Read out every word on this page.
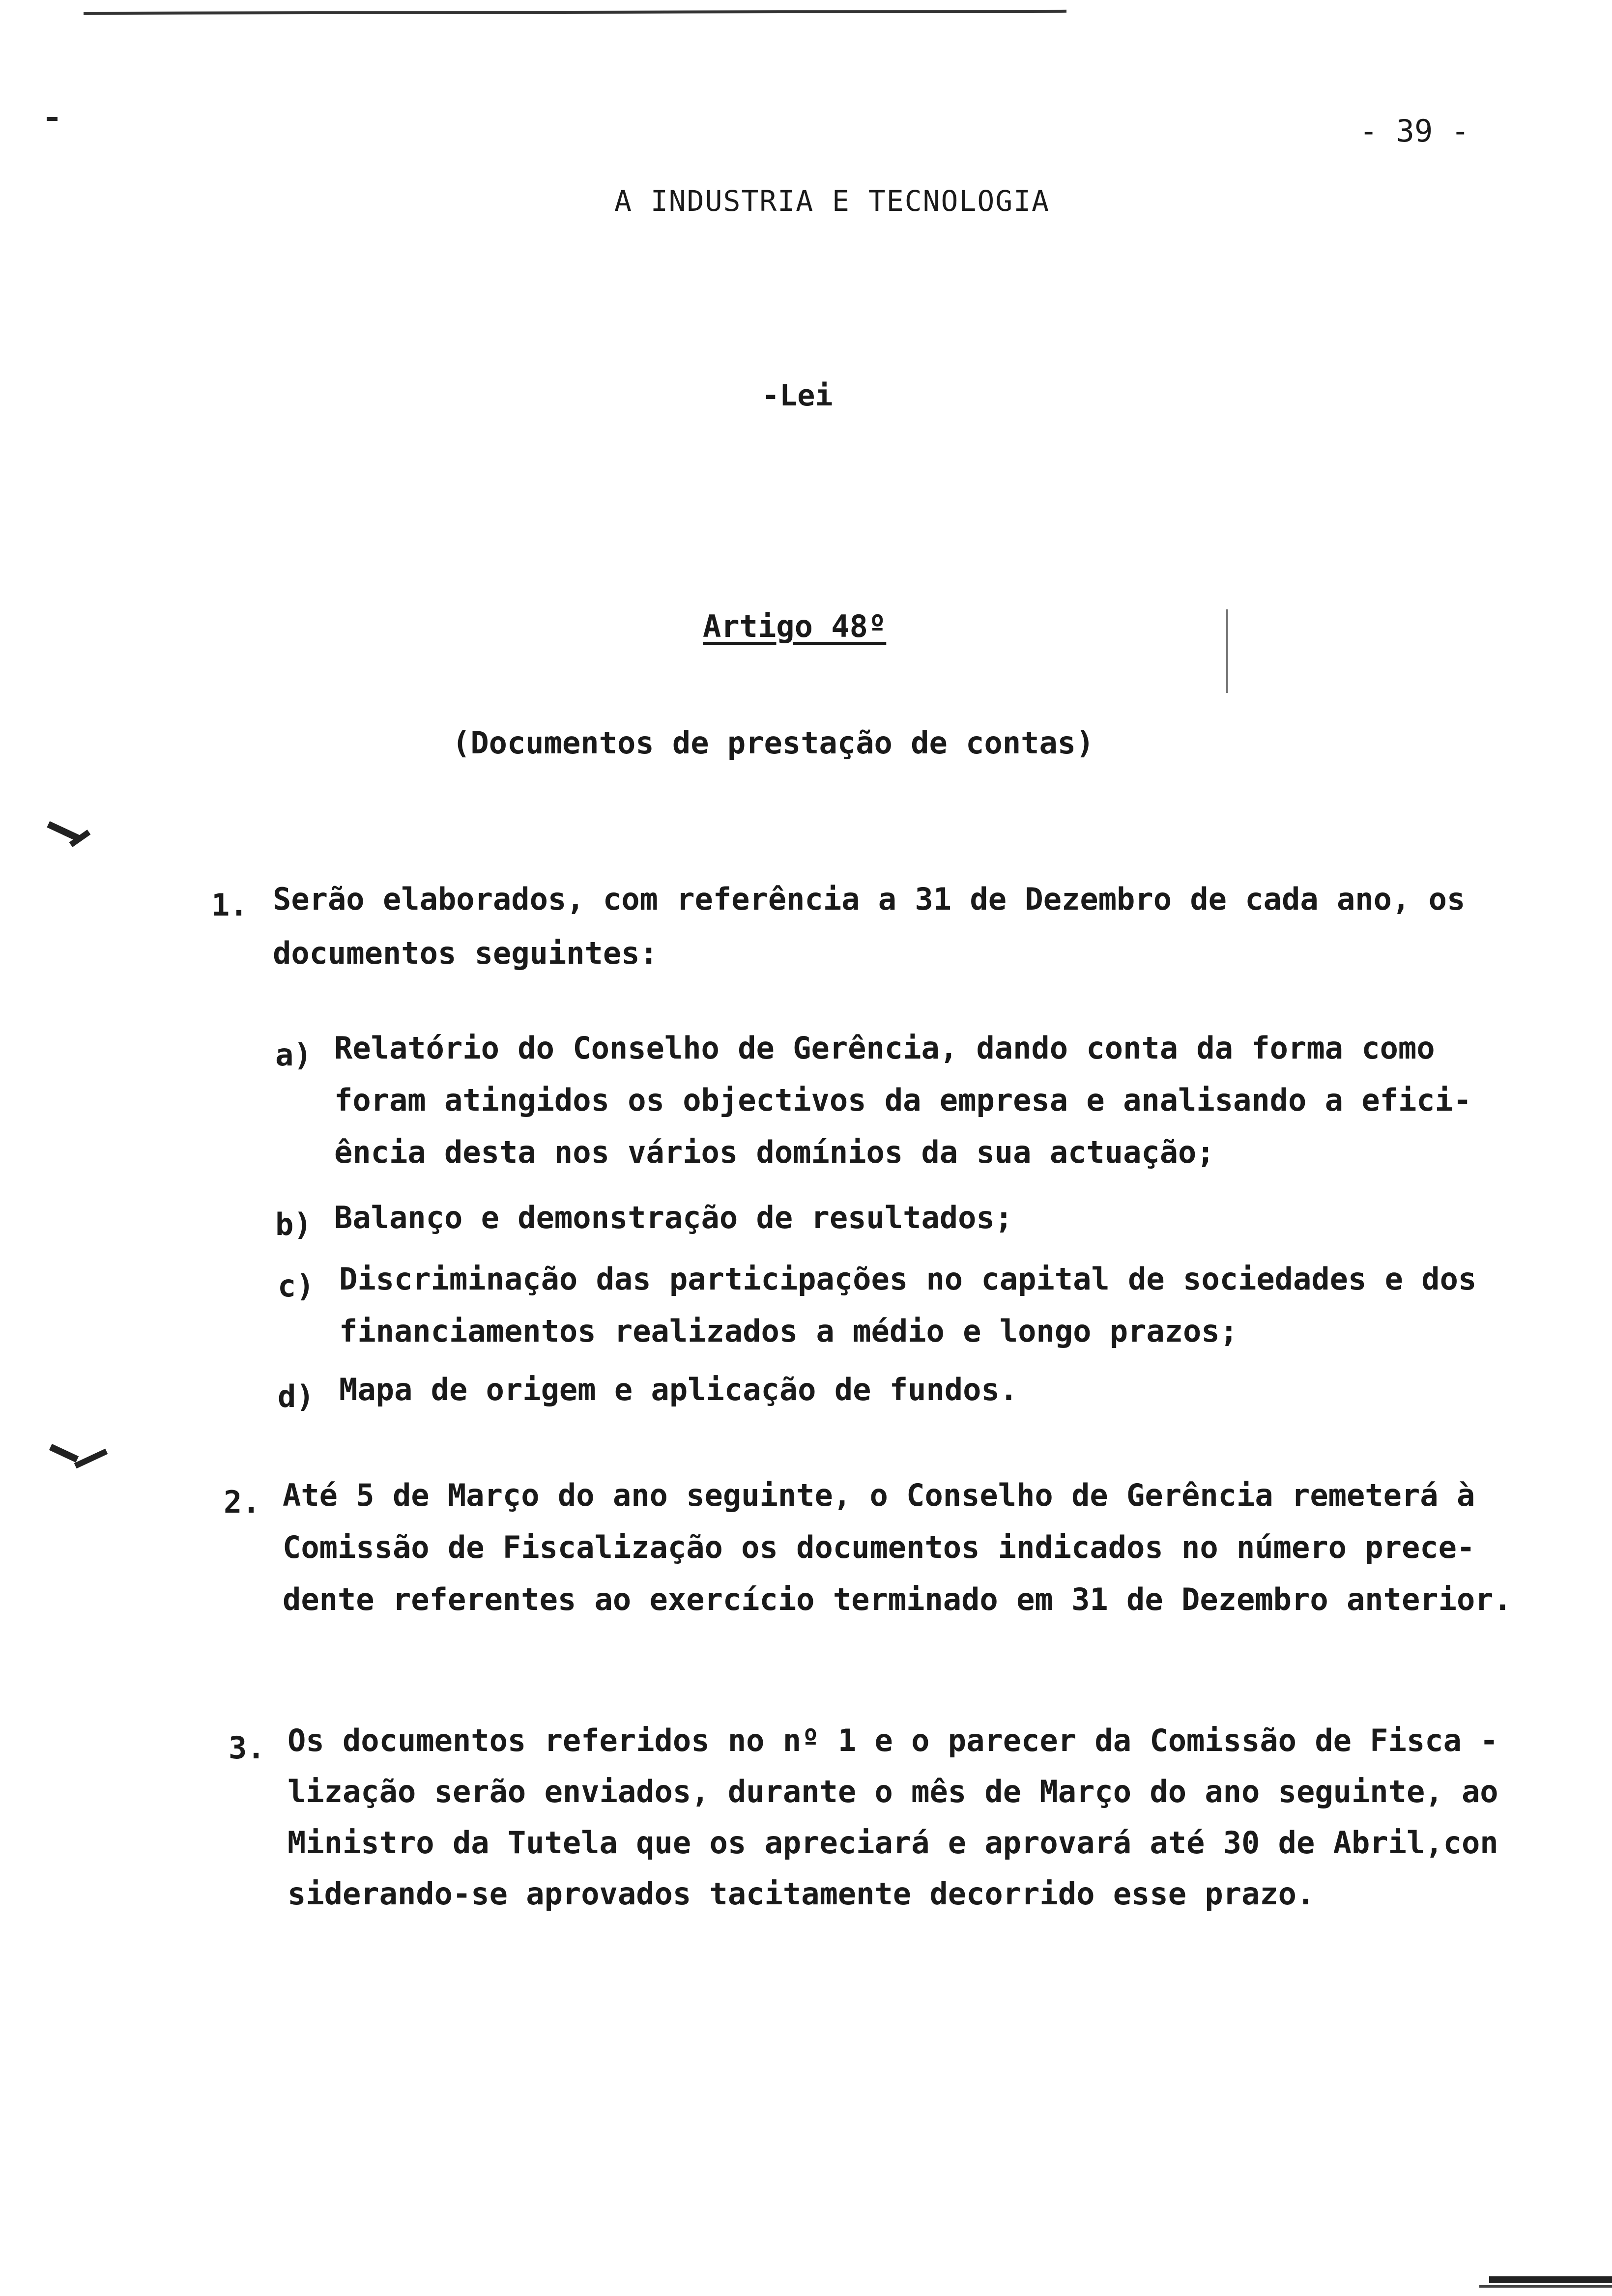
- 39 -
A INDUSTRIA E TECNOLOGIA
-Lei
Artigo 48º
(Documentos de prestação de contas)
1. Serão elaborados, com referência a 31 de Dezembro de cada ano, os
documentos seguintes:
a) Relatório do Conselho de Gerência, dando conta da forma como
foram atingidos os objectivos da empresa e analisando a efici-
ência desta nos vários domínios da sua actuação;
b) Balanço e demonstração de resultados;
c) Discriminação das participações no capital de sociedades e dos
financiamentos realizados a médio e longo prazos;
d) Mapa de origem e aplicação de fundos.
2. Até 5 de Março do ano seguinte, o Conselho de Gerência remeterá à
Comissão de Fiscalização os documentos indicados no número prece-
dente referentes ao exercício terminado em 31 de Dezembro anterior.
3. Os documentos referidos no nº 1 e o parecer da Comissão de Fisca -
lização serão enviados, durante o mês de Março do ano seguinte, ao
Ministro da Tutela que os apreciará e aprovará até 30 de Abril,con
siderando-se aprovados tacitamente decorrido esse prazo.
